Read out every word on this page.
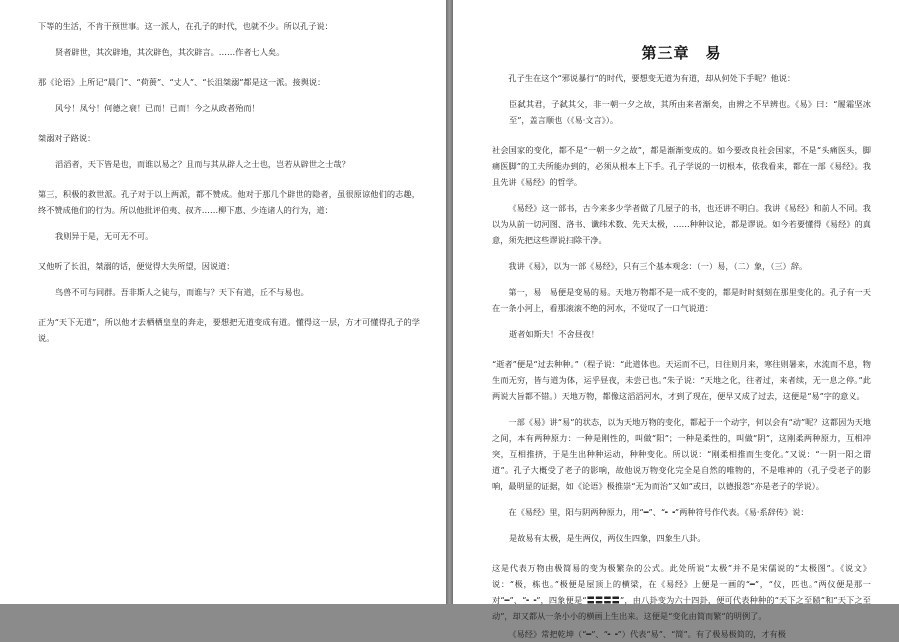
下等的生活，不肯干预世事。这一派人，在孔子的时代，也就不少。所以孔子说：

贤者辟世，其次辟地，其次辟色，其次辟言。……作者七人矣。

那《论语》上所记“晨门”、“荷蒉”、“丈人”、“长沮桀溺”都是这一派。接舆说：

风兮！凤兮！何德之衰！已而！已而！今之从政者殆而！

桀溺对子路说：

滔滔者，天下皆是也，而谁以易之？且而与其从辟人之士也，岂若从辟世之士哉？

第三，积极的救世派。孔子对于以上两派，都不赞成。他对于那几个辟世的隐者，虽很原谅他们的志趣，终不赞成他们的行为。所以他批评伯夷、叔齐……柳下惠、少连诸人的行为，道：

我则异于是，无可无不可。

又他听了长沮，桀溺的话，便觉得大失所望，因说道：

鸟兽不可与同群。吾非斯人之徒与，而谁与？天下有道，丘不与易也。

正为“天下无道”，所以他才去栖栖皇皇的奔走，要想把无道变成有道。懂得这一层，方才可懂得孔子的学说。

第三章　易

孔子生在这个“邪说暴行”的时代，要想变无道为有道，却从何处下手呢？他说：

臣弑其君，子弑其父，非一朝一夕之故，其所由来者渐矣，由辨之不早辨也。《易》曰：“履霜坚冰至”，盖言顺也（《易·文言》）。

社会国家的变化，都不是“一朝一夕之故”，都是渐渐变成的。如今要改良社会国家，不是“头痛医头，脚痛医脚”的工夫所能办到的，必须从根本上下手。孔子学说的一切根本，依我看来，都在一部《易经》。我且先讲《易经》的哲学。

《易经》这一部书，古今来多少学者做了几屋子的书，也还讲不明白。我讲《易经》和前人不同。我以为从前一切河图、洛书、谶纬术数、先天太极，……种种议论，都是谬说。如今若要懂得《易经》的真意，须先把这些谬说扫除干净。

我讲《易》，以为一部《易经》，只有三个基本观念：（一）易，（二）象，（三）辞。

第一，易　易便是变易的易。天地万物都不是一成不变的，都是时时刻刻在那里变化的。孔子有一天在一条小河上，看那滚滚不绝的河水，不觉叹了一口气说道：

逝者如斯夫！不舍昼夜！

“逝者”便是“过去种种。”（程子说：“此道体也。天运而不已，日往则月来，寒往则暑来，水流而不息，物生而无穷，皆与道为体，运乎昼夜，未尝已也。”朱子说：“天地之化，往者过，来者续，无一息之停。”此两说大旨都不错。）天地万物，都像这滔滔河水，才到了现在，便早又成了过去，这便是“易”字的意义。

一部《易》讲“易”的状态，以为天地万物的变化，都起于一个动字，何以会有“动”呢？这都因为天地之间，本有两种原力：一种是刚性的，叫做“阳”；一种是柔性的，叫做“阴”，这刚柔两种原力，互相冲突，互相推挤，于是生出种种运动，种种变化。所以说：“刚柔相推而生变化。”又说：“一阴一阳之谓道”。孔子大概受了老子的影响，故他说万物变化完全是自然的唯物的，不是唯神的（孔子受老子的影响，最明显的证据，如《论语》极推崇“无为而治”又如“或曰，以德报怨”亦是老子的学说）。

在《易经》里，阳与阴两种原力，用“━”、“╸╺”两种符号作代表。《易·系辞传》说：

是故易有太极，是生两仪，两仪生四象，四象生八卦。

这是代表万物由极简易的变为极繁杂的公式。此处所说“太极”并不是宋儒说的“太极图”。《说文》说：“极，栋也。”极便是屋顶上的横梁，在《易经》上便是一画的“━”，“仪，匹也。”两仪便是那一对“━”、“╸╺”，四象便是“〓〓〓〓”，由八卦变为六十四卦，便可代表种种的“天下之至赜”和“天下之至动”，却又都从一条小小的横画上生出来。这便是“变化由简而繁”的明例了。

《易经》常把乾坤（“━”、“╸╺”）代表“易”、“简”。有了极易极简的，才有极
